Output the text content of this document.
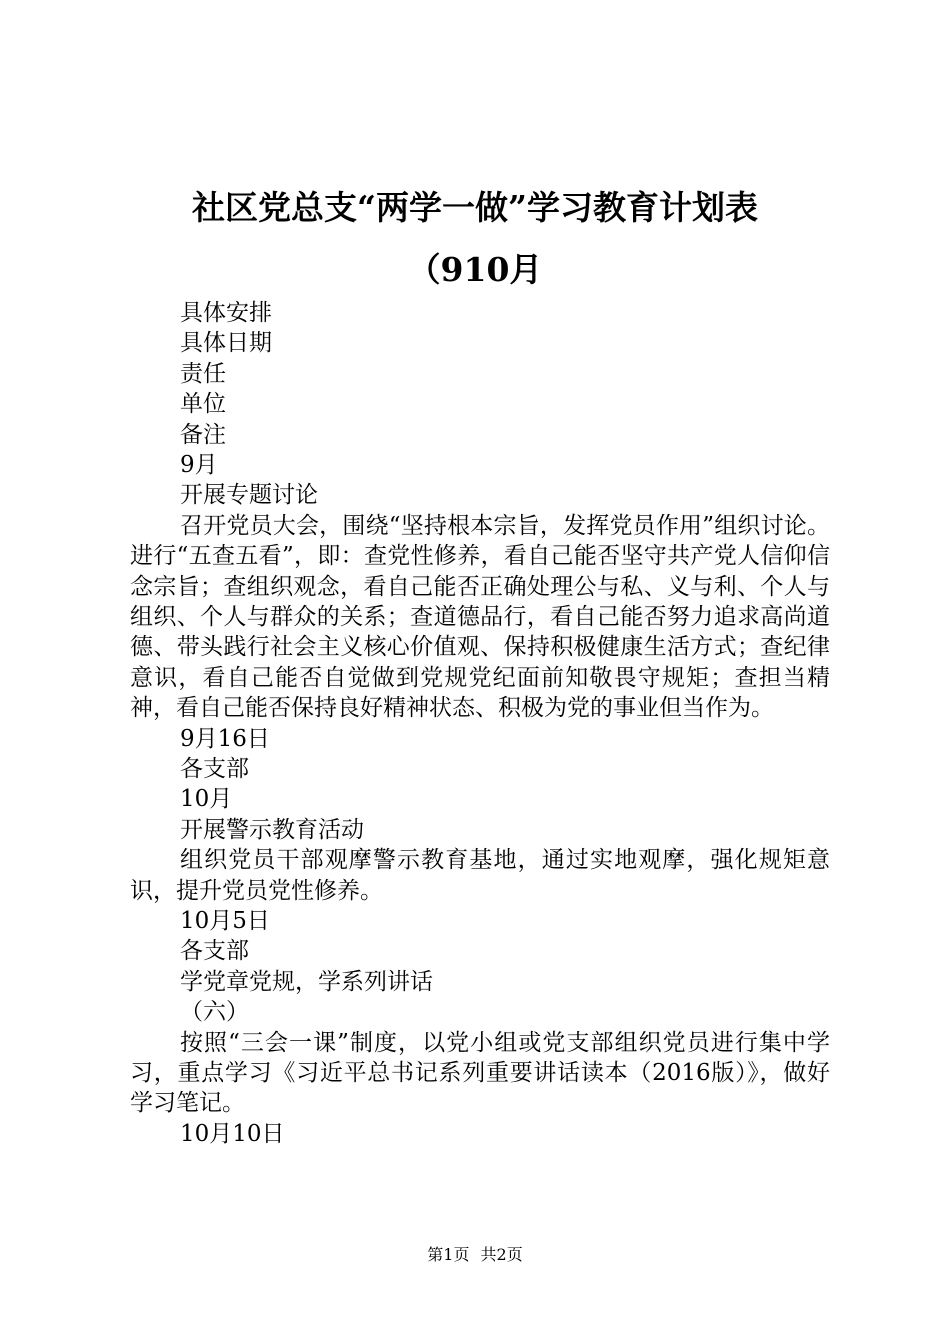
社区党总支“两学一做”学习教育计划表
（910月
具体安排
具体日期
责任
单位
备注
9月
开展专题讨论

召开党员大会，围绕“坚持根本宗旨，发挥党员作用”组织讨论。进行“五查五看”，即：查党性修养，看自己能否坚守共产党人信仰信念宗旨；查组织观念，看自己能否正确处理公与私、义与利、个人与组织、个人与群众的关系；查道德品行，看自己能否努力追求高尚道德、带头践行社会主义核心价值观、保持积极健康生活方式；查纪律意识，看自己能否自觉做到党规党纪面前知敬畏守规矩；查担当精神，看自己能否保持良好精神状态、积极为党的事业但当作为。

9月16日
各支部
10月
开展警示教育活动

组织党员干部观摩警示教育基地，通过实地观摩，强化规矩意识，提升党员党性修养。

10月5日
各支部
学党章党规，学系列讲话
（六）

按照“三会一课”制度，以党小组或党支部组织党员进行集中学习，重点学习《习近平总书记系列重要讲话读本（2016版）》，做好学习笔记。

10月10日
第1页 共2页
